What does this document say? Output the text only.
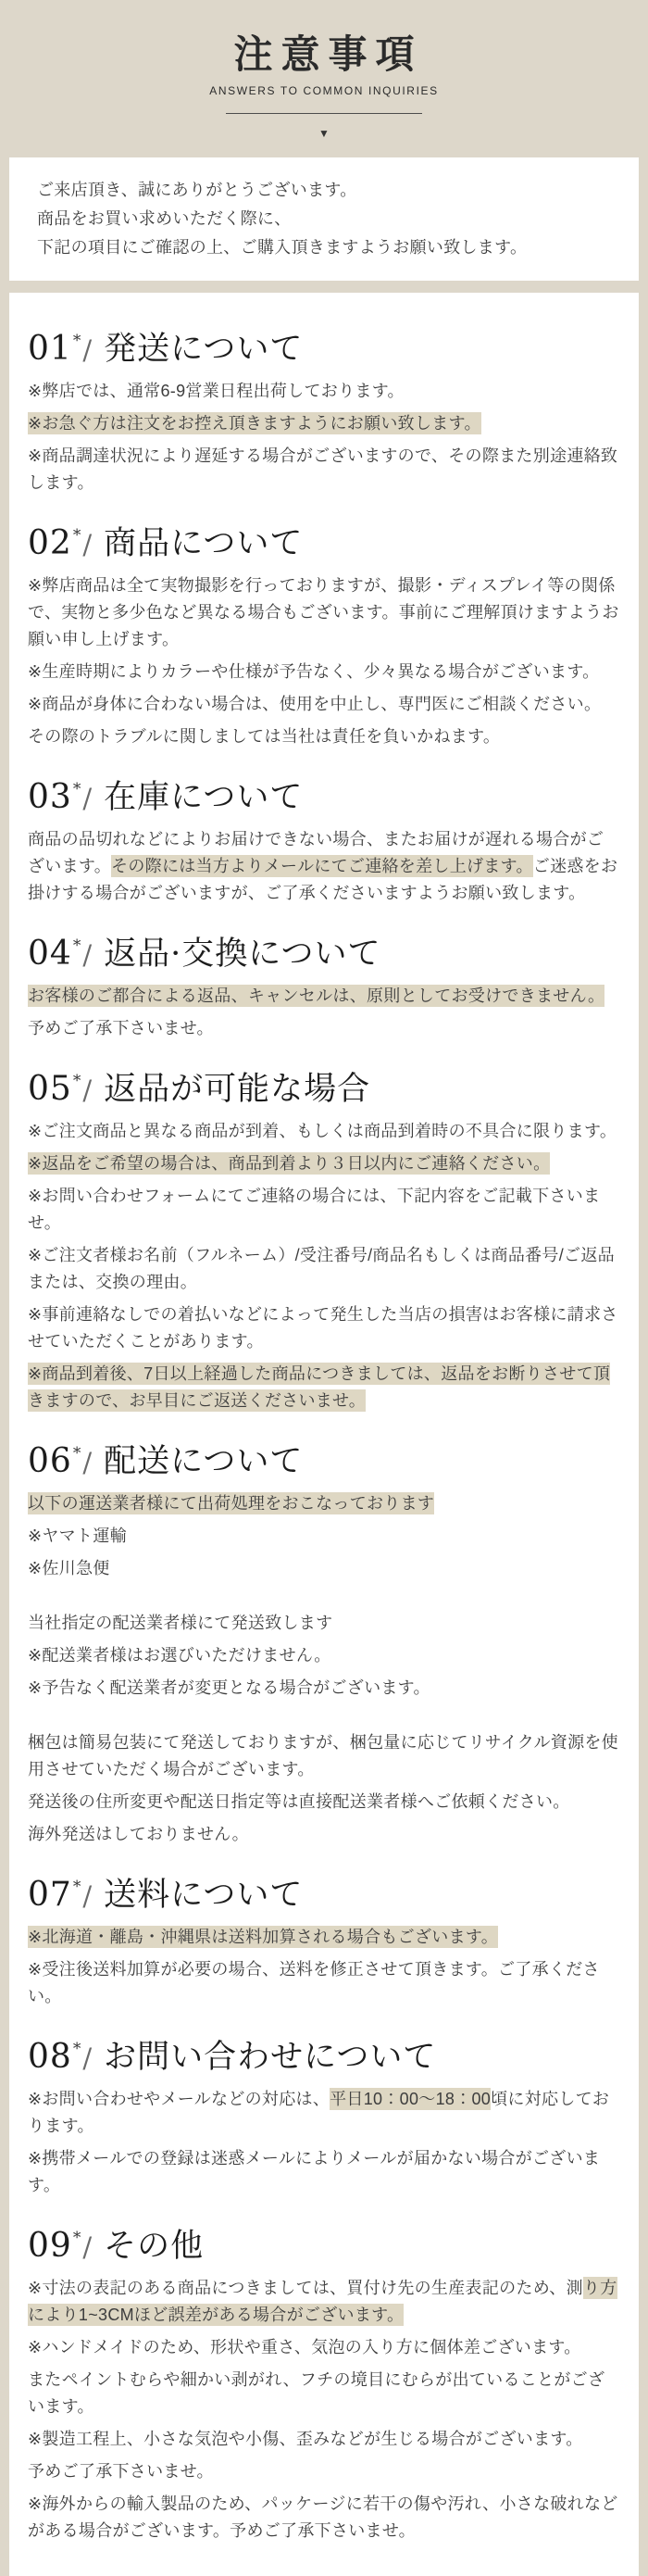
注意事項
ANSWERS TO COMMON INQUIRIES
▼
ご来店頂き、誠にありがとうございます。
商品をお買い求めいただく際に、
下記の項目にご確認の上、ご購入頂きますようお願い致します。
01*/ 発送について

※弊店では、通常6-9営業日程出荷しております。

※お急ぐ方は注文をお控え頂きますようにお願い致します。

※商品調達状況により遅延する場合がございますので、その際また別途連絡致します。

02*/ 商品について

※弊店商品は全て実物撮影を行っておりますが、撮影・ディスプレイ等の関係で、実物と多少色など異なる場合もございます。事前にご理解頂けますようお願い申し上げます。

※生産時期によりカラーや仕様が予告なく、少々異なる場合がございます。

※商品が身体に合わない場合は、使用を中止し、専門医にご相談ください。

その際のトラブルに関しましては当社は責任を負いかねます。

03*/ 在庫について

商品の品切れなどによりお届けできない場合、またお届けが遅れる場合がございます。その際には当方よりメールにてご連絡を差し上げます。ご迷惑をお掛けする場合がございますが、ご了承くださいますようお願い致します。

04*/ 返品·交換について

お客様のご都合による返品、キャンセルは、原則としてお受けできません。

予めご了承下さいませ。

05*/ 返品が可能な場合

※ご注文商品と異なる商品が到着、もしくは商品到着時の不具合に限ります。

※返品をご希望の場合は、商品到着より３日以内にご連絡ください。

※お問い合わせフォームにてご連絡の場合には、下記内容をご記載下さいませ。

※ご注文者様お名前（フルネーム）/受注番号/商品名もしくは商品番号/ご返品または、交換の理由。

※事前連絡なしでの着払いなどによって発生した当店の損害はお客様に請求させていただくことがあります。

※商品到着後、7日以上経過した商品につきましては、返品をお断りさせて頂きますので、お早目にご返送くださいませ。

06*/ 配送について

以下の運送業者様にて出荷処理をおこなっております

※ヤマト運輸

※佐川急便

当社指定の配送業者様にて発送致します

※配送業者様はお選びいただけません。

※予告なく配送業者が変更となる場合がございます。

梱包は簡易包装にて発送しておりますが、梱包量に応じてリサイクル資源を使用させていただく場合がございます。

発送後の住所変更や配送日指定等は直接配送業者様へご依頼ください。

海外発送はしておりません。

07*/ 送料について

※北海道・離島・沖縄県は送料加算される場合もございます。

※受注後送料加算が必要の場合、送料を修正させて頂きます。ご了承ください。

08*/ お問い合わせについて

※お問い合わせやメールなどの対応は、平日10：00～18：00頃に対応しております。

※携帯メールでの登録は迷惑メールによりメールが届かない場合がございます。

09*/ その他

※寸法の表記のある商品につきましては、買付け先の生産表記のため、測り方により1~3CMほど誤差がある場合がございます。

※ハンドメイドのため、形状や重さ、気泡の入り方に個体差ございます。

またペイントむらや細かい剥がれ、フチの境目にむらが出ていることがございます。

※製造工程上、小さな気泡や小傷、歪みなどが生じる場合がございます。

予めご了承下さいませ。

※海外からの輸入製品のため、パッケージに若干の傷や汚れ、小さな破れなどがある場合がございます。予めご了承下さいませ。
